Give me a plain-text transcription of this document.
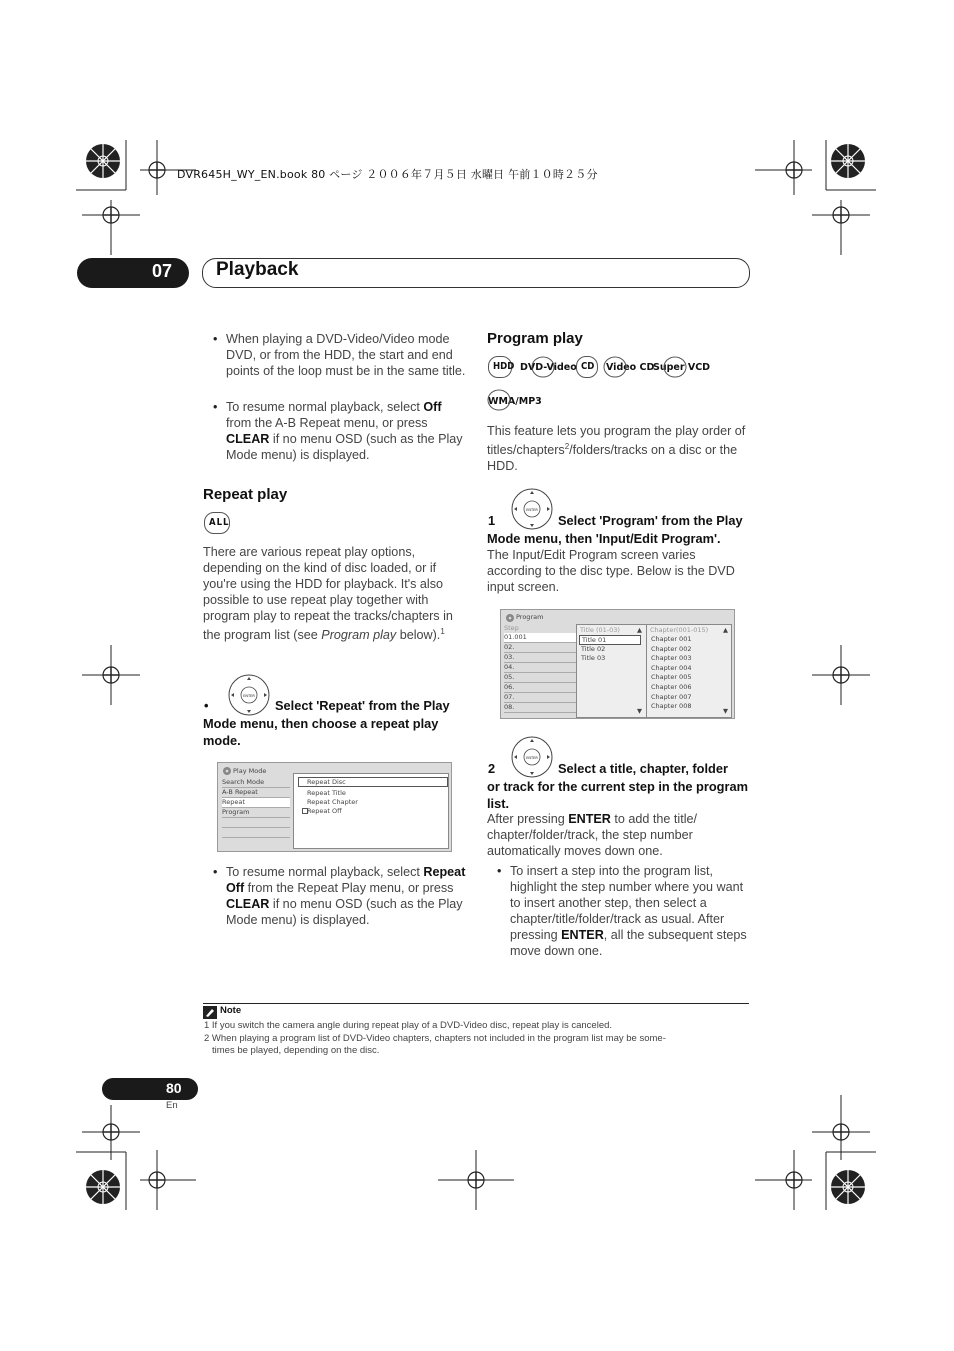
DVR645H_WY_EN.book 80 ページ ２００６年７月５日 水曜日 午前１０時２５分
07 Playback
• When playing a DVD-Video/Video mode DVD, or from the HDD, the start and end points of the loop must be in the same title.
• To resume normal playback, select Off from the A-B Repeat menu, or press CLEAR if no menu OSD (such as the Play Mode menu) is displayed.
Repeat play
ALL
There are various repeat play options, depending on the kind of disc loaded, or if you're using the HDD for playback. It's also possible to use repeat play together with program play to repeat the tracks/chapters in the program list (see Program play below).$^1$
•
ENTER
Select 'Repeat' from the Play
Mode menu, then choose a repeat play mode.
Play Mode
Search Mode
A-B Repeat
Repeat
Program
Repeat Disc
Repeat Title
Repeat Chapter
Repeat Off
• To resume normal playback, select Repeat Off from the Repeat Play menu, or press CLEAR if no menu OSD (such as the Play Mode menu) is displayed.
Program play
HDD DVD-Video CD	Video CD
Super VCD
WMA/MP3
This feature lets you program the play order of titles/chapters$^2$/folders/tracks on a disc or the HDD.
1
ENTER
Select 'Program' from the Play
Mode menu, then 'Input/Edit Program'.
The Input/Edit Program screen varies according to the disc type. Below is the DVD input screen.
Program
Step
01.001
02.
03.
04.
05.
06.
07.
08.
Title (01-03)
Title 01
Title 02
Title 03
▲
▼
Chapter(001-015)
Chapter 001
Chapter 002
Chapter 003
Chapter 004
Chapter 005
Chapter 006
Chapter 007
Chapter 008
▲
▼
2
ENTER
Select a title, chapter, folder
or track for the current step in the program list.
After pressing ENTER to add the title/ chapter/folder/track, the step number automatically moves down one.
• To insert a step into the program list, highlight the step number where you want to insert another step, then select a chapter/title/folder/track as usual. After pressing ENTER, all the subsequent steps move down one.
Note
1 If you switch the camera angle during repeat play of a DVD-Video disc, repeat play is canceled.
2 When playing a program list of DVD-Video chapters, chapters not included in the program list may be some-
times be played, depending on the disc.
80
En
